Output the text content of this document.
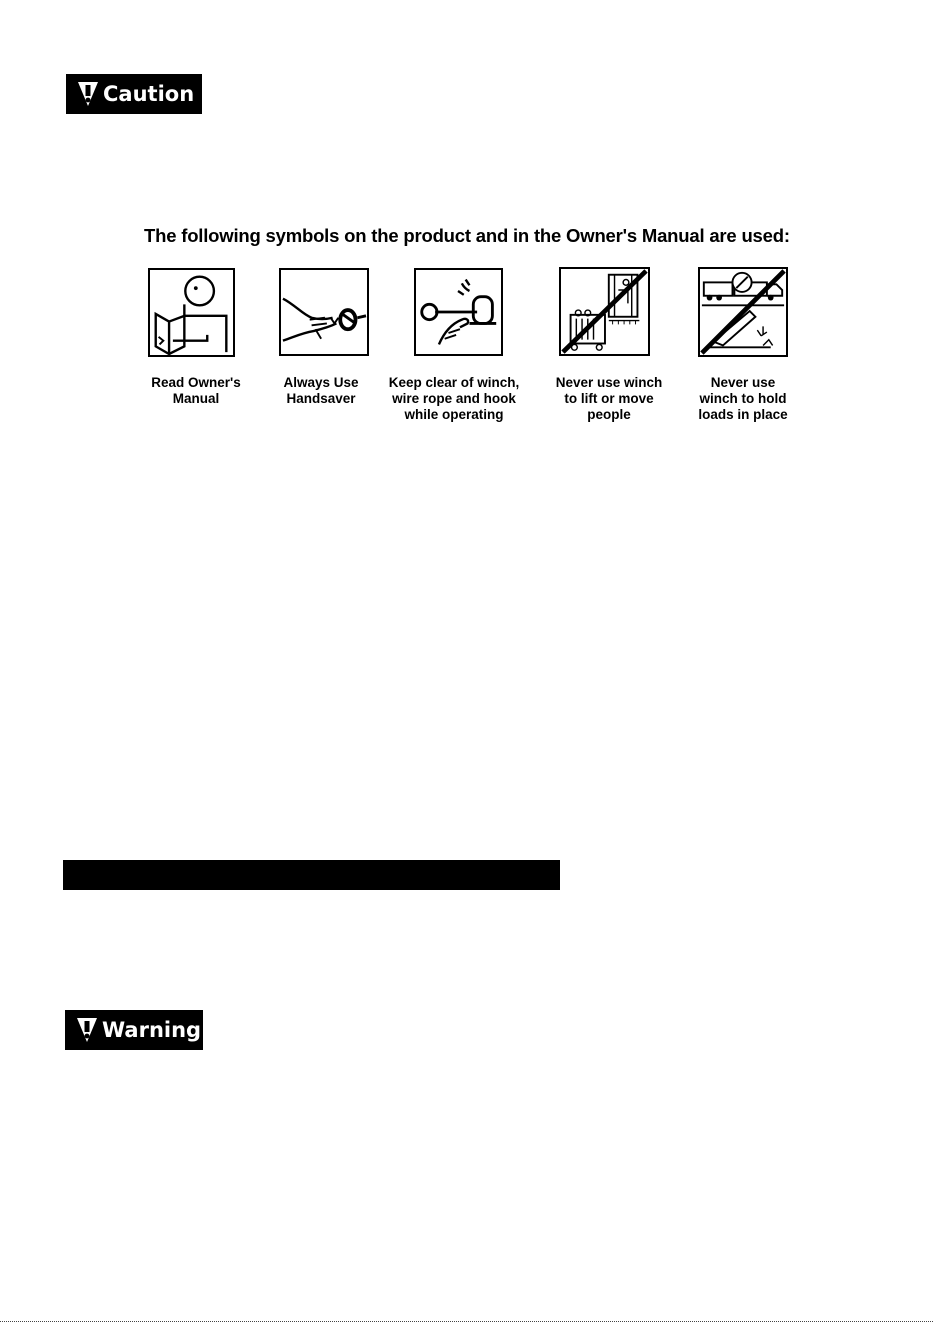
Caution
The following symbols on the product and in the Owner's Manual are used:
Read Owner's
Manual
Always Use
Handsaver
Keep clear of winch,
wire rope and hook
while operating
Never use winch
to lift or move
people
Never use
winch to hold
loads in place
Warning
